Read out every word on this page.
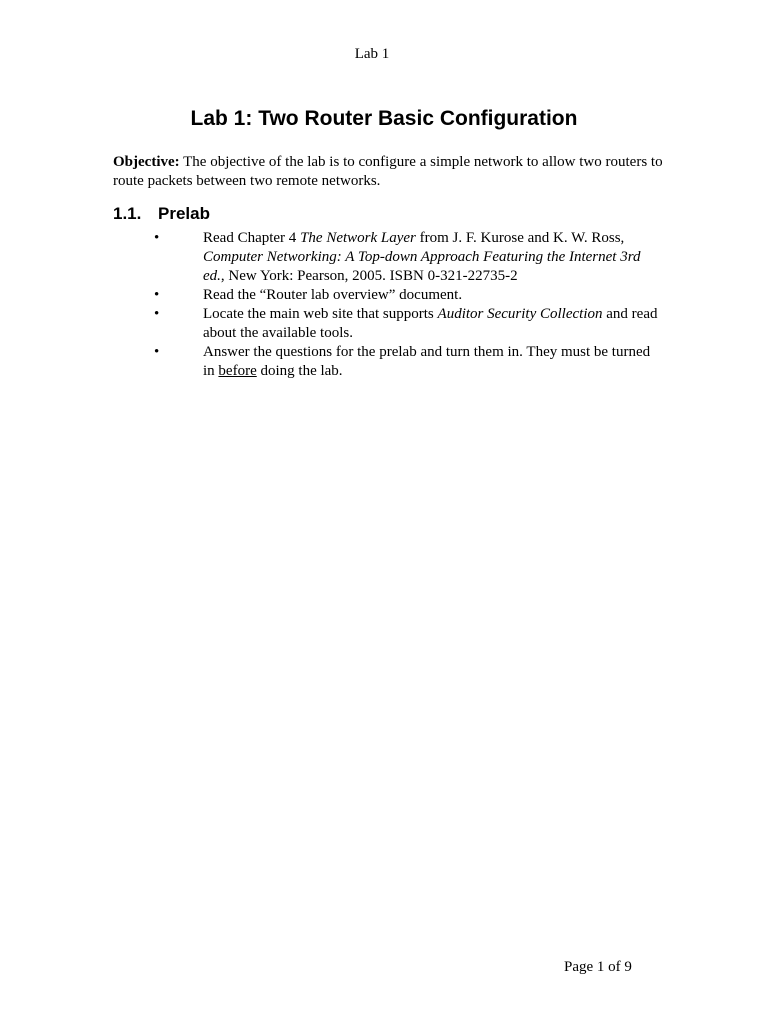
Lab 1
Lab 1: Two Router Basic Configuration

Objective: The objective of the lab is to configure a simple network to allow two routers to route packets between two remote networks.

1.1. Prelab
•	Read Chapter 4 The Network Layer from J. F. Kurose and K. W. Ross, Computer Networking: A Top-down Approach Featuring the Internet 3rd ed., New York: Pearson, 2005. ISBN 0-321-22735-2
•	Read the “Router lab overview” document.
•	Locate the main web site that supports Auditor Security Collection and read about the available tools.
•	Answer the questions for the prelab and turn them in. They must be turned in before doing the lab.
Page 1 of 9
